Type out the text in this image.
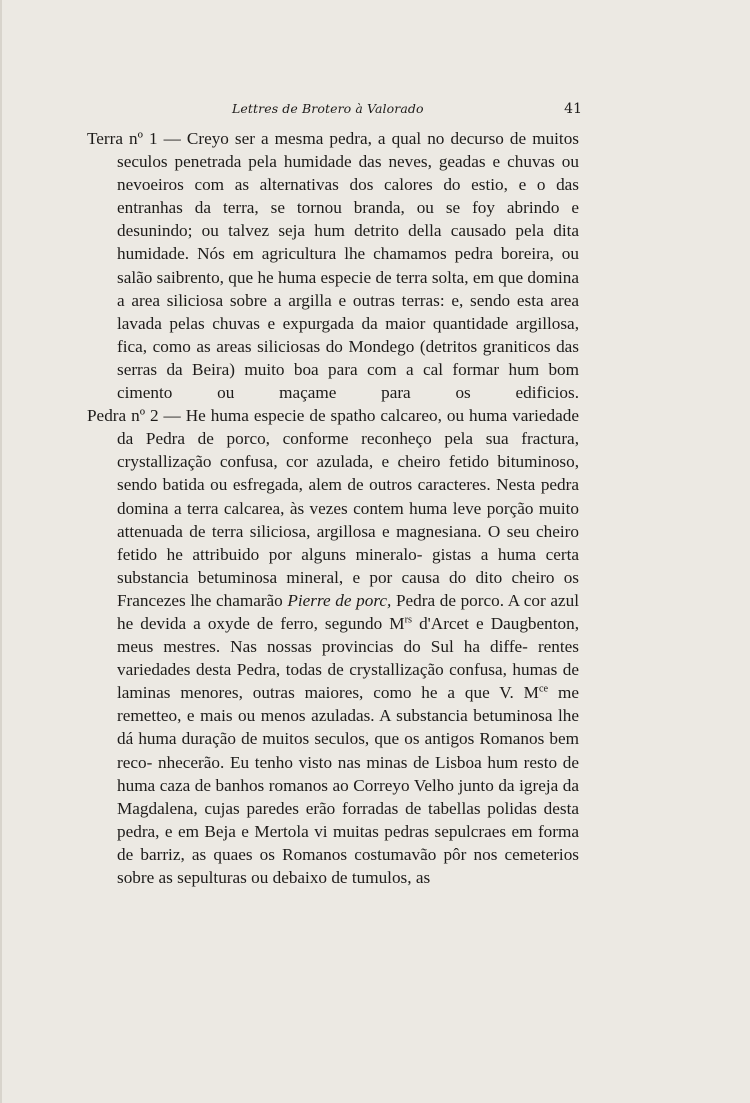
Lettres de Brotero à Valorado	41

Terra nº 1 — Creyo ser a mesma pedra, a qual no decurso de muitos seculos penetrada pela humidade das neves, geadas e chuvas ou nevoeiros com as alternativas dos calores do estio, e o das entranhas da terra, se tornou branda, ou se foy abrindo e desunindo; ou talvez seja hum detrito della causado pela dita humidade. Nós em agricultura lhe chamamos pedra boreira, ou salão saibrento, que he huma especie de terra solta, em que domina a area siliciosa sobre a argilla e outras terras: e, sendo esta area lavada pelas chuvas e expurgada da maior quantidade argillosa, fica, como as areas siliciosas do Mondego (detritos graniticos das serras da Beira) muito boa para com a cal formar hum bom cimento ou maçame para os edificios.

Pedra nº 2 — He huma especie de spatho calcareo, ou huma variedade da Pedra de porco, conforme reconheço pela sua fractura, crystallização confusa, cor azulada, e cheiro fetido bituminoso, sendo batida ou esfregada, alem de outros caracteres. Nesta pedra domina a terra calcarea, às vezes contem huma leve porção muito attenuada de terra siliciosa, argillosa e magnesiana. O seu cheiro fetido he attribuido por alguns mineralo- gistas a huma certa substancia betuminosa mineral, e por causa do dito cheiro os Francezes lhe chamarão Pierre de porc, Pedra de porco. A cor azul he devida a oxyde de ferro, segundo $M^{rs}$ d'Arcet e Daugbenton, meus mestres. Nas nossas provincias do Sul ha diffe- rentes variedades desta Pedra, todas de crystallização confusa, humas de laminas menores, outras maiores, como he a que V. $M^{ce}$ me remetteo, e mais ou menos azuladas. A substancia betuminosa lhe dá huma duração de muitos seculos, que os antigos Romanos bem reco- nhecerão. Eu tenho visto nas minas de Lisboa hum resto de huma caza de banhos romanos ao Correyo Velho junto da igreja da Magdalena, cujas paredes erão forradas de tabellas polidas desta pedra, e em Beja e Mertola vi muitas pedras sepulcraes em forma de barriz, as quaes os Romanos costumavão pôr nos cemeterios sobre as sepulturas ou debaixo de tumulos, as
